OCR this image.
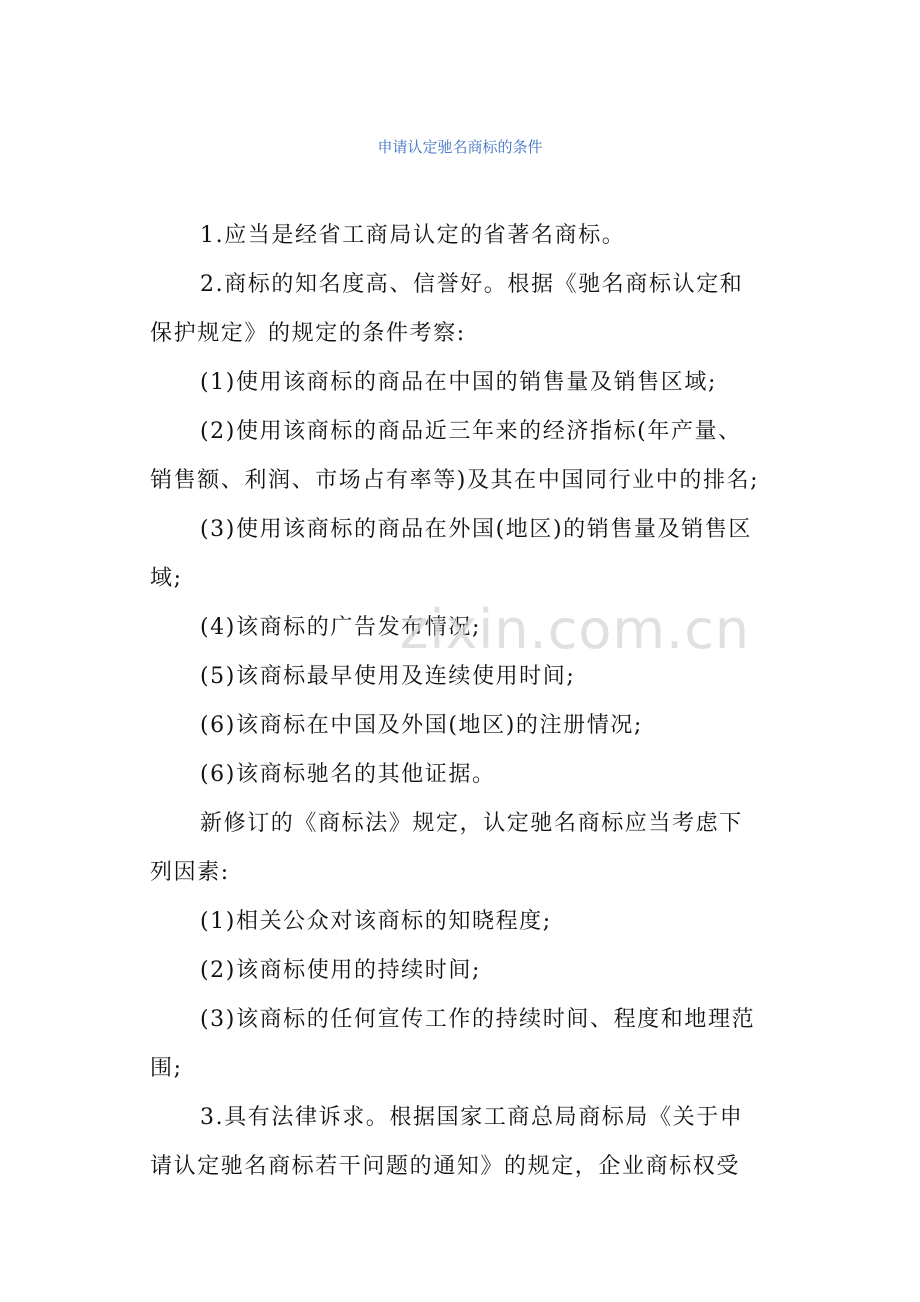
申请认定驰名商标的条件

1.应当是经省工商局认定的省著名商标。

2.商标的知名度高、信誉好。根据《驰名商标认定和

保护规定》的规定的条件考察:

(1)使用该商标的商品在中国的销售量及销售区域;

(2)使用该商标的商品近三年来的经济指标(年产量、

销售额、利润、市场占有率等)及其在中国同行业中的排名;

(3)使用该商标的商品在外国(地区)的销售量及销售区

域;

(4)该商标的广告发布情况;

(5)该商标最早使用及连续使用时间;

(6)该商标在中国及外国(地区)的注册情况;

(6)该商标驰名的其他证据。

新修订的《商标法》规定，认定驰名商标应当考虑下

列因素:

(1)相关公众对该商标的知晓程度;

(2)该商标使用的持续时间;

(3)该商标的任何宣传工作的持续时间、程度和地理范

围;

3.具有法律诉求。根据国家工商总局商标局《关于申

请认定驰名商标若干问题的通知》的规定，企业商标权受

zixin.com.cn
